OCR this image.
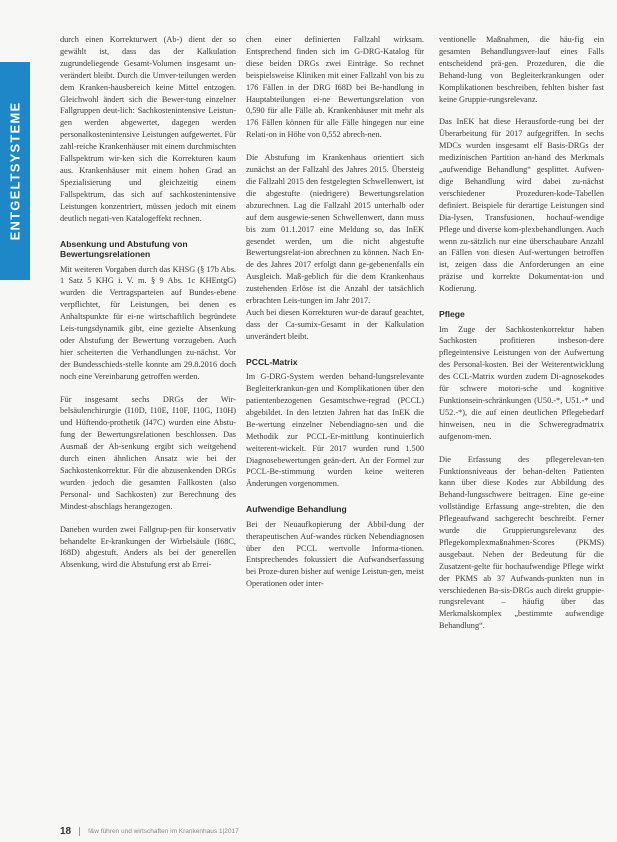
ENTGELTSYSTEME

durch einen Korrekturwert (Ab-) dient der so gewählt ist, dass das der Kalkulation zugrundeliegende Gesamt-Volumen insgesamt un-verändert bleibt. Durch die Umver-teilungen werden dem Kranken-hausbereich keine Mittel entzogen. Gleichwohl ändert sich die Bewer-tung einzelner Fallgruppen deut-lich: Sachkostenintensive Leistun-gen werden abgewertet, dagegen werden personalkostenintensive Leistungen aufgewertet. Für zahl-reiche Krankenhäuser mit einem durchmischten Fallspektrum wir-ken sich die Korrekturen kaum aus. Krankenhäuser mit einem hohen Grad an Spezialisierung und gleichzeitig einem Fallspektrum, das sich auf sachkostenintensive Leistungen konzentriert, müssen jedoch mit einem deutlich negati-ven Katalogeffekt rechnen.

Absenkung und Abstufung von Bewertungsrelationen

Mit weiteren Vorgaben durch das KHSG (§ 17b Abs. 1 Satz 5 KHG i. V. m. § 9 Abs. 1c KHEntgG) wurden die Vertragsparteien auf Bundes-ebene verpflichtet, für Leistungen, bei denen es Anhaltspunkte für ei-ne wirtschaftlich begründete Leis-tungsdynamik gibt, eine gezielte Absenkung oder Abstufung der Bewertung vorzugeben. Auch hier scheiterten die Verhandlungen zu-nächst. Vor der Bundesschieds-stelle konnte am 29.8.2016 doch noch eine Vereinbarung getroffen werden.

Für insgesamt sechs DRGs der Wir-belsäulenchirurgie (I10D, I10E, I10F, I10G, I10H) und Hüftendo-prothetik (I47C) wurden eine Abstu-fung der Bewertungsrelationen beschlossen. Das Ausmaß der Ab-senkung ergibt sich weitgehend durch einen ähnlichen Ansatz wie bei der Sachkostenkorrektur. Für die abzusenkenden DRGs wurden jedoch die gesamten Fallkosten (also Personal- und Sachkosten) zur Berechnung des Mindest-abschlags herangezogen.

Daneben wurden zwei Fallgrup-pen für konservativ behandelte Er-krankungen der Wirbelsäule (I68C, I68D) abgestuft. Anders als bei der generellen Absenkung, wird die Abstufung erst ab Errei-

chen einer definierten Fallzahl wirksam. Entsprechend finden sich im G-DRG-Katalog für diese beiden DRGs zwei Einträge. So rechnet beispielsweise Kliniken mit einer Fallzahl von bis zu 176 Fällen in der DRG I68D bei Be-handlung in Hauptabteilungen ei-ne Bewertungsrelation von 0,590 für alle Fälle ab. Krankenhäuser mit mehr als 176 Fällen können für alle Fälle hingegen nur eine Relati-on in Höhe von 0,552 abrech-nen.

Die Abstufung im Krankenhaus orientiert sich zunächst an der Fallzahl des Jahres 2015. Übersteig die Fallzahl 2015 den festgelegten Schwellenwert, ist die abgestufte (niedrigere) Bewertungsrelation abzurechnen. Lag die Fallzahl 2015 unterhalb oder auf dem ausgewie-senen Schwellenwert, dann muss bis zum 01.1.2017 eine Meldung so, das InEK gesendet werden, um die nicht abgestufte Bewertungsrelat-ion abrechnen zu können. Nach En-de des Jahres 2017 erfolgt dann ge-gebenenfalls ein Ausgleich. Maß-geblich für die dem Krankenhaus zustehenden Erlöse ist die Anzahl der tatsächlich erbrachten Leis-tungen im Jahr 2017.

Auch bei diesen Korrekturen wur-de darauf geachtet, dass der Ca-sumix-Gesamt in der Kalkulation unverändert bleibt.

PCCL-Matrix

Im G-DRG-System werden behand-lungsrelevante Begleiterkrankun-gen und Komplikationen über den patientenbezogenen Gesamtschwe-regrad (PCCL) abgebildet. In den letzten Jahren hat das InEK die Be-wertung einzelner Nebendiagno-sen und die Methodik zur PCCL-Er-mittlung kontinuierlich weiterent-wickelt. Für 2017 wurden rund 1.500 Diagnosebewertungen geän-dert. An der Formel zur PCCL-Be-stimmung wurden keine weiteren Änderungen vorgenommen.

Aufwendige Behandlung

Bei der Neuaufkopierung der Abbil-dung der therapeutischen Auf-wandes rücken Nebendiagnosen über den PCCL wertvolle Informa-tionen. Entsprechendes fokussiert die Aufwandserfassung bei Proze-duren bisher auf wenige Leistun-gen, meist Operationen oder inter-

ventionelle Maßnahmen, die häu-fig ein gesamten Behandlungsver-lauf eines Falls entscheidend prä-gen. Prozeduren, die die Behand-lung von Begleiterkrankungen oder Komplikationen beschreiben, fehlten bisher fast keine Gruppie-rungsrelevanz.

Das InEK hat diese Herausforde-rung bei der Überarbeitung für 2017 aufgegriffen. In sechs MDCs wurden insgesamt elf Basis-DRGs der medizinischen Partition an-hand des Merkmals „aufwendige Behandlung“ gesplittet. Aufwen-dige Behandlung wird dabei zu-nächst verschiedener Prozeduren-kode-Tabellen definiert. Beispiele für derartige Leistungen sind Dia-lysen, Transfusionen, hochauf-wendige Pflege und diverse kom-plexbehandlungen. Auch wenn zu-sätzlich nur eine überschaubare Anzahl an Fällen von diesen Auf-wertungen betroffen ist, zeigen dass die Anforderungen an eine präzise und korrekte Dokumentat-ion und Kodierung.

Pflege

Im Zuge der Sachkostenkorrektur haben Sachkosten profitieren insbeson-dere pflegeintensive Leistungen von der Aufwertung des Personal-kosten. Bei der Weiterentwicklung des CCL-Matrix wurden zudem Di-agnosekodes für schwere motori-sche und kognitive Funktionsein-schränkungen (U50.-*, U51.-* und U52.-*), die auf einen deutlichen Pflegebedarf hinweisen, neu in die Schweregradmatrix aufgenom-men.

Die Erfassung des pflegerelevan-ten Funktionsniveaus der behan-delten Patienten kann über diese Kodes zur Abbildung des Behand-lungsschwere beitragen. Eine ge-eine vollständige Erfassung ange-strebten, die den Pflegeaufwand sachgerecht beschreibt. Ferner wurde die Gruppierungsrelevanz des Pflegekomplexmaßnahmen-Scores (PKMS) ausgebaut. Neben der Bedeutung für die Zusatzent-gelte für hochaufwendige Pflege wirkt der PKMS ab 37 Aufwands-punkten nun in verschiedenen Ba-sis-DRGs auch direkt gruppie-rungsrelevant – häufig über das Merkmalskomplex „bestimmte aufwendige Behandlung“.

18	f&w führen und wirtschaften im Krankenhaus 1|2017
